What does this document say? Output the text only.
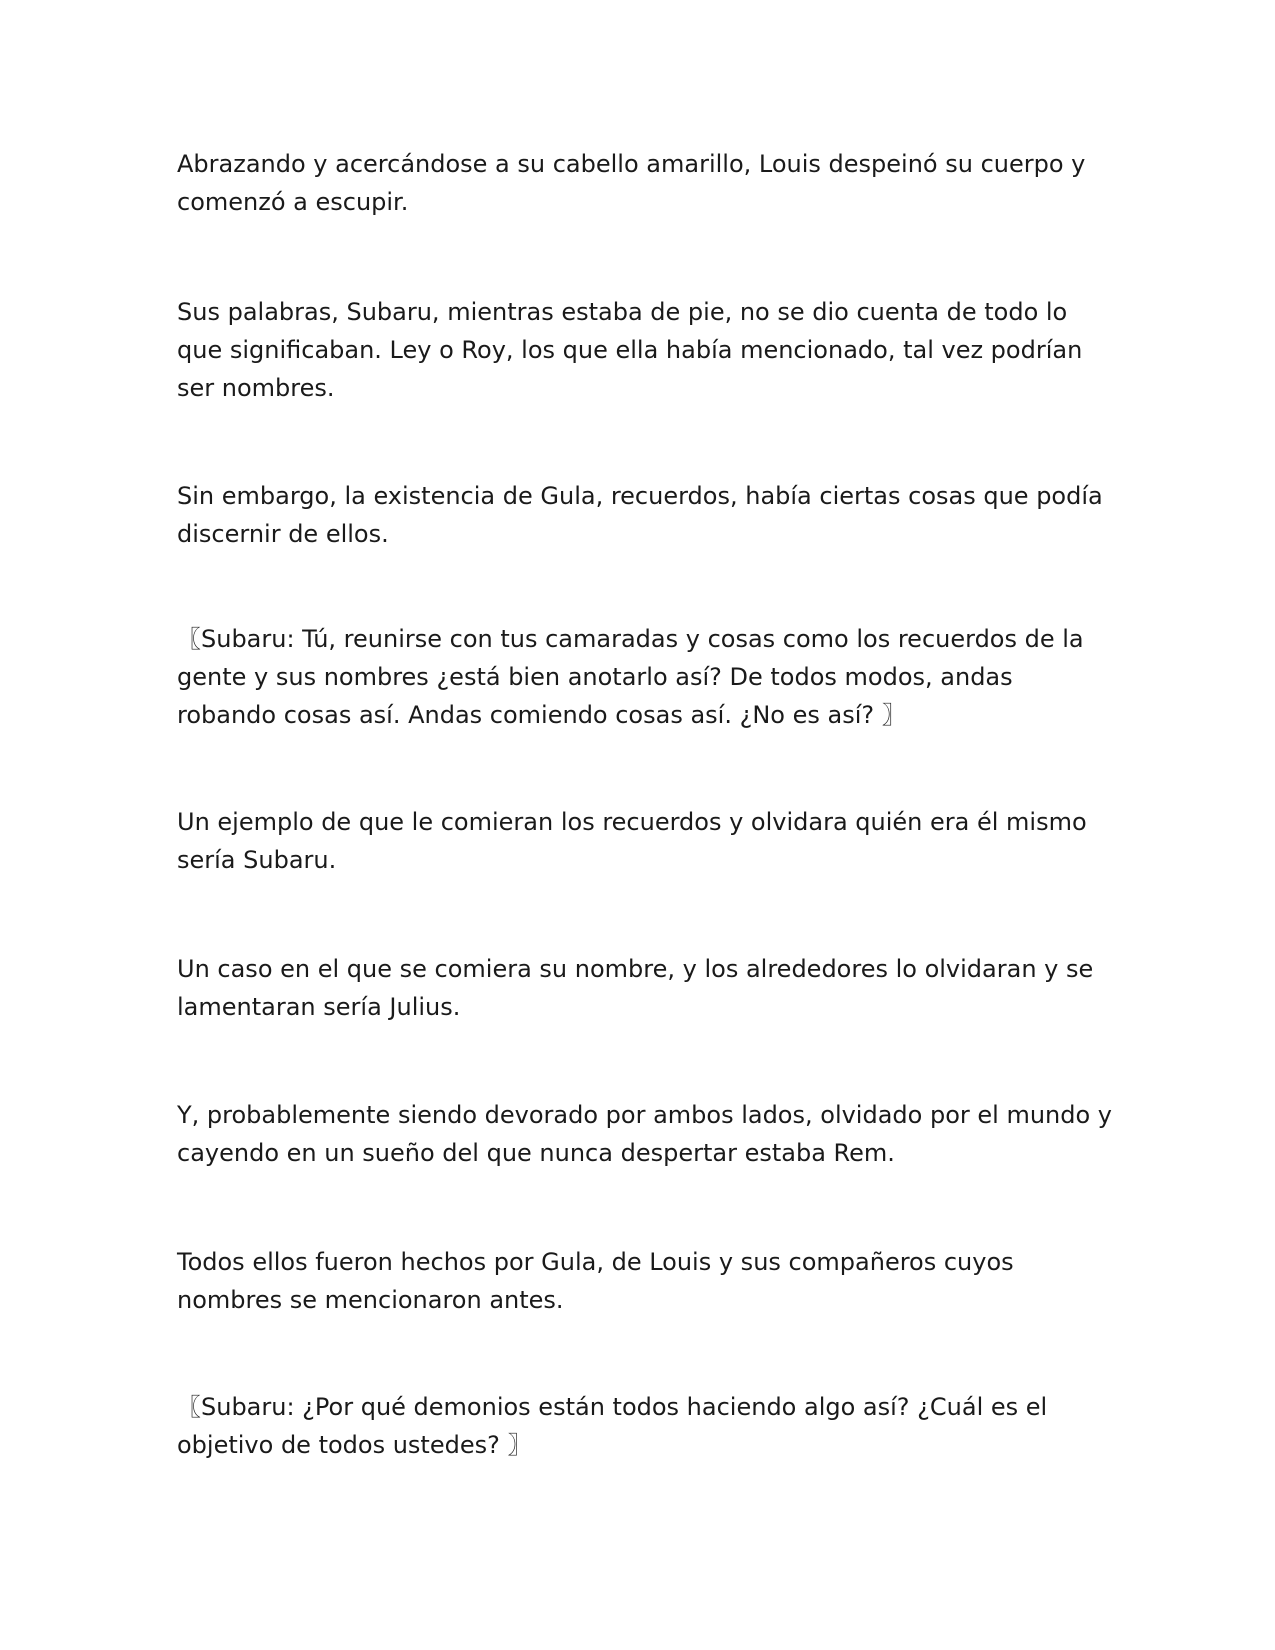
Abrazando y acercándose a su cabello amarillo, Louis despeinó su cuerpo y comenzó a escupir.

Sus palabras, Subaru, mientras estaba de pie, no se dio cuenta de todo lo que significaban. Ley o Roy, los que ella había mencionado, tal vez podrían ser nombres.

Sin embargo, la existencia de Gula, recuerdos, había ciertas cosas que podía discernir de ellos.

〖Subaru: Tú, reunirse con tus camaradas y cosas como los recuerdos de la gente y sus nombres ¿está bien anotarlo así? De todos modos, andas robando cosas así. Andas comiendo cosas así. ¿No es así? 〗

Un ejemplo de que le comieran los recuerdos y olvidara quién era él mismo sería Subaru.

Un caso en el que se comiera su nombre, y los alrededores lo olvidaran y se lamentaran sería Julius.

Y, probablemente siendo devorado por ambos lados, olvidado por el mundo y cayendo en un sueño del que nunca despertar estaba Rem.

Todos ellos fueron hechos por Gula, de Louis y sus compañeros cuyos nombres se mencionaron antes.

〖Subaru: ¿Por qué demonios están todos haciendo algo así? ¿Cuál es el objetivo de todos ustedes? 〗
